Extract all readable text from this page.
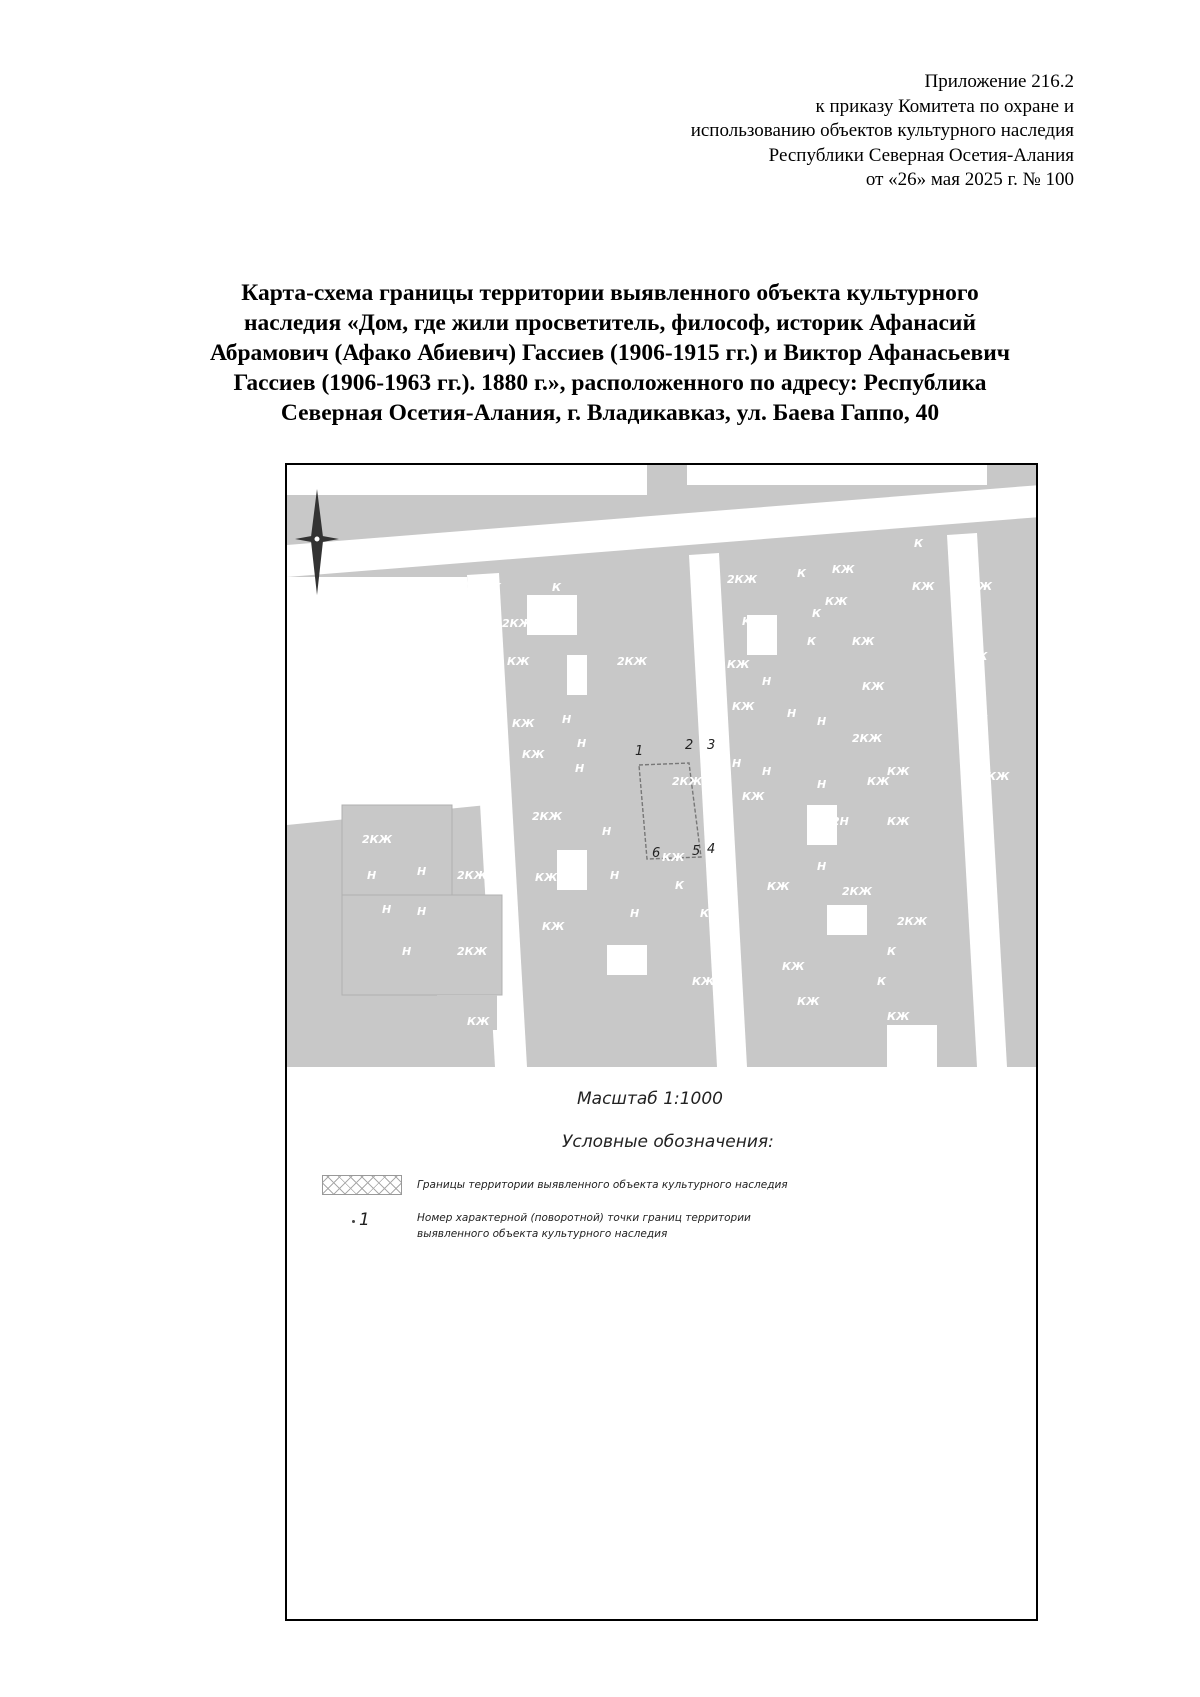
Приложение 216.2
к приказу Комитета по охране и
использованию объектов культурного наследия
Республики Северная Осетия-Алания
от «26» мая 2025 г. № 100
Карта-схема границы территории выявленного объекта культурного
наследия «Дом, где жили просветитель, философ, историк Афанасий
Абрамович (Афако Абиевич) Гассиев (1906-1915 гг.) и Виктор Афанасьевич
Гассиев (1906-1963 гг.). 1880 г.», расположенного по адресу: Республика
Северная Осетия-Алания, г. Владикавказ, ул. Баева Гаппо, 40
К	К
2КЖ
КЖ	2КЖ
КЖ	Н
Н
КЖ
Н
2КЖ
2КЖ
Н
КЖ	Н
КЖ
К
Н	КЖ
КЖ
КЖ
Н
2КЖ
Н	Н	2КЖ
Н Н
Н	2КЖ
КЖ
2КЖ	К КЖ
К
КЖ
К	КЖ
КЖ
Н
КЖ
Н
КЖ
Н
КЖ
Н
2КЖ
КЖ
Н
Н
КЖ
Н
КЖ
2Н
Н
2КЖ
КЖ
2КЖ
КЖ
К
КЖ
К
КЖ
К	К
КЖ	2КЖ
КЖ
КЖ
КЖ
КЖ
1	2 3
4
5
6
Масштаб 1:1000
Условные обозначения:
Границы территории выявленного объекта культурного наследия
1	Номер характерной (поворотной) точки границ территории
выявленного объекта культурного наследия
